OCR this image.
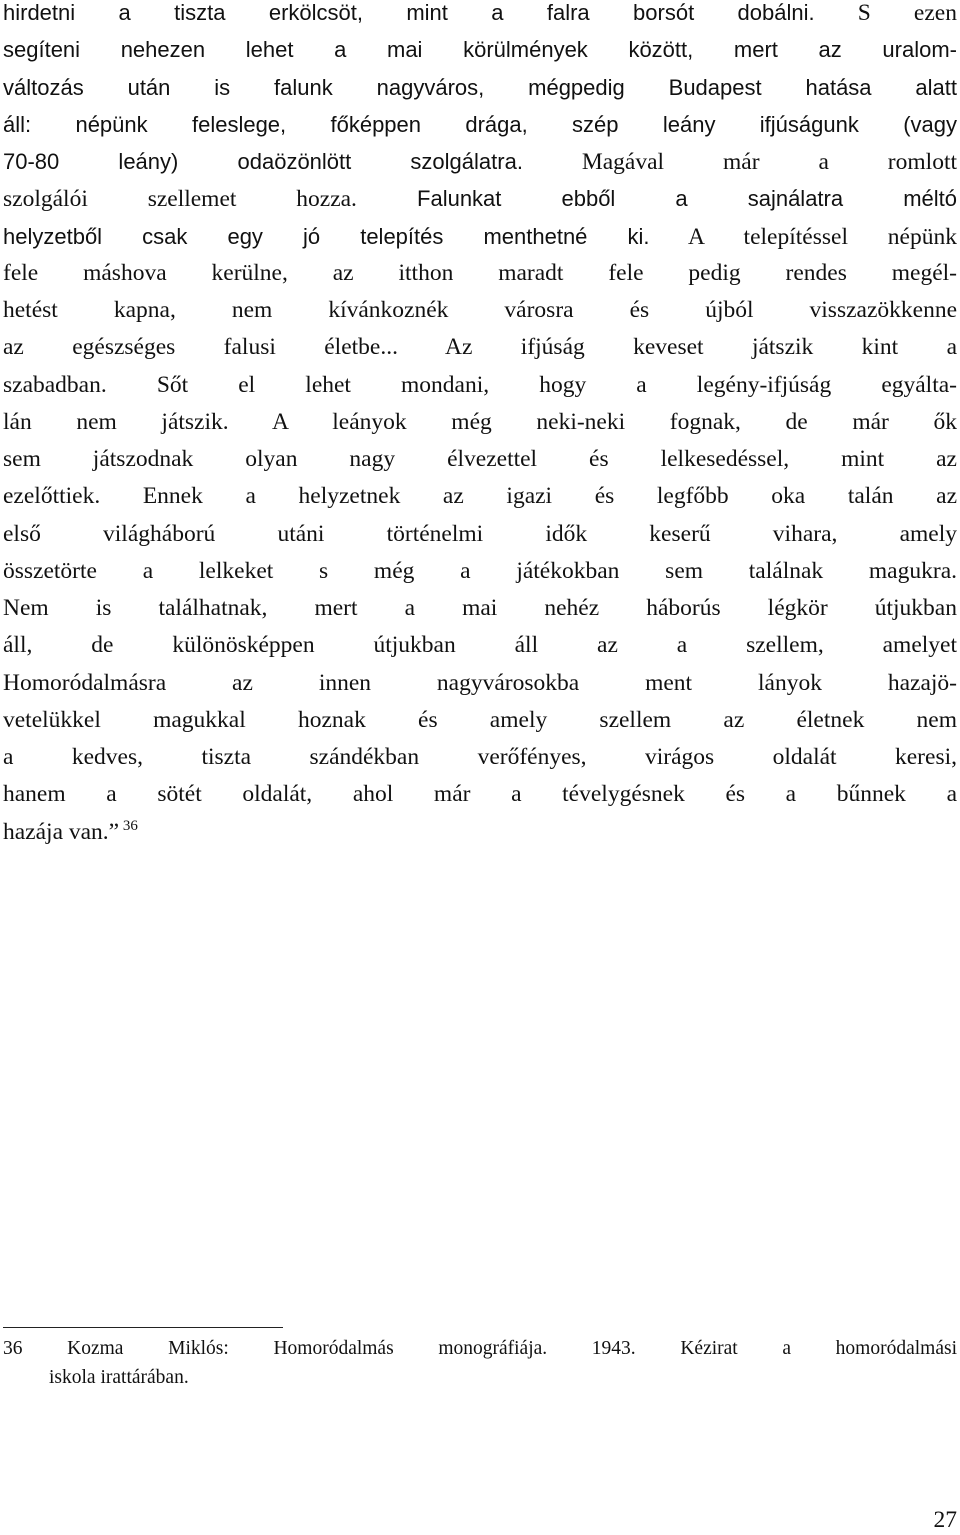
hirdetni a tiszta erkölcsöt, mint a falra borsót dobálni. S ezen
segíteni nehezen lehet a mai körülmények között, mert az uralom-
változás után is falunk nagyváros, mégpedig Budapest hatása alatt
áll: népünk feleslege, főképpen drága, szép leány ifjúságunk (vagy
70-80 leány) odaözönlött szolgálatra. Magával már a romlott
szolgálói szellemet hozza. Falunkat ebből a sajnálatra méltó
helyzetből csak egy jó telepítés menthetné ki. A telepítéssel népünk
fele máshova kerülne, az itthon maradt fele pedig rendes megél-
hetést kapna, nem kívánkoznék városra és újból visszazökkenne
az egészséges falusi életbe... Az ifjúság keveset játszik kint a
szabadban. Sőt el lehet mondani, hogy a legény-ifjúság egyálta-
lán nem játszik. A leányok még neki-neki fognak, de már ők
sem játszodnak olyan nagy élvezettel és lelkesedéssel, mint az
ezelőttiek. Ennek a helyzetnek az igazi és legfőbb oka talán az
első világháború utáni történelmi idők keserű vihara, amely
összetörte a lelkeket s még a játékokban sem találnak magukra.
Nem is találhatnak, mert a mai nehéz háborús légkör útjukban
áll, de különösképpen útjukban áll az a szellem, amelyet
Homoródalmásra az innen nagyvárosokba ment lányok hazajö-
vetelükkel magukkal hoznak és amely szellem az életnek nem
a kedves, tiszta szándékban verőfényes, virágos oldalát keresi,
hanem a sötét oldalát, ahol már a tévelygésnek és a bűnnek a
hazája van.” $^{36}$
36 Kozma Miklós: Homoródalmás monográfiája. 1943. Kézirat a homoródalmási
iskola irattárában.
27
